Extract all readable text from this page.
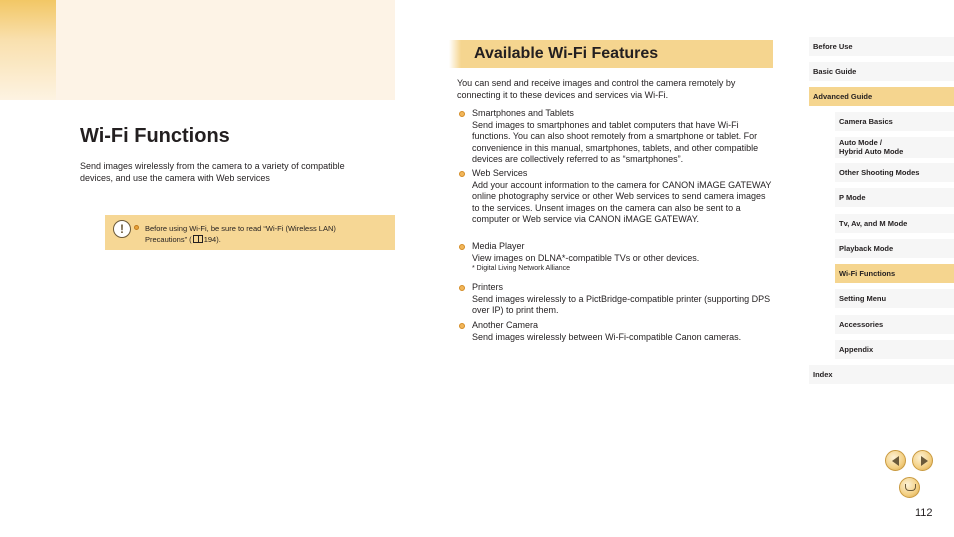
Wi-Fi Functions

Send images wirelessly from the camera to a variety of compatible devices, and use the camera with Web services

!

Before using Wi-Fi, be sure to read “Wi-Fi (Wireless LAN) Precautions” ( 194).

Available Wi-Fi Features

You can send and receive images and control the camera remotely by connecting it to these devices and services via Wi-Fi.

Smartphones and Tablets

Send images to smartphones and tablet computers that have Wi-Fi functions. You can also shoot remotely from a smartphone or tablet. For convenience in this manual, smartphones, tablets, and other compatible devices are collectively referred to as “smartphones”.

Web Services

Add your account information to the camera for CANON iMAGE GATEWAY online photography service or other Web services to send camera images to the services. Unsent images on the camera can also be sent to a computer or Web service via CANON iMAGE GATEWAY.

Media Player

View images on DLNA*-compatible TVs or other devices.

* Digital Living Network Alliance
Printers

Send images wirelessly to a PictBridge-compatible printer (supporting DPS over IP) to print them.

Another Camera

Send images wirelessly between Wi-Fi-compatible Canon cameras.

Before Use
Basic Guide
Advanced Guide
Camera Basics
Auto Mode /
Hybrid Auto Mode
Other Shooting Modes
P Mode
Tv, Av, and M Mode
Playback Mode
Wi-Fi Functions
Setting Menu
Accessories
Appendix
Index
112
